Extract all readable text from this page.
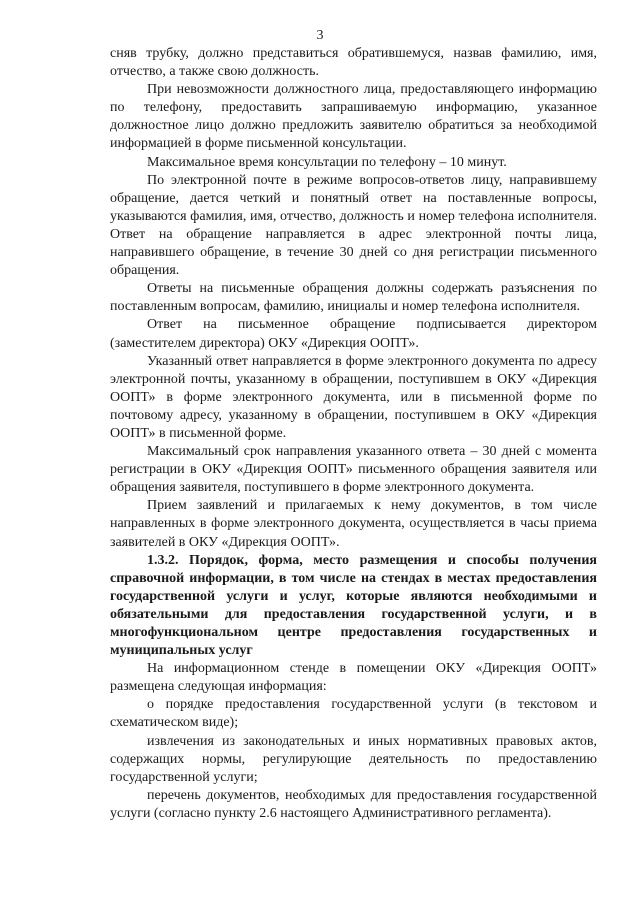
3

сняв трубку, должно представиться обратившемуся, назвав фамилию, имя, отчество, а также свою должность.

При невозможности должностного лица, предоставляющего информацию по телефону, предоставить запрашиваемую информацию, указанное должностное лицо должно предложить заявителю обратиться за необходимой информацией в форме письменной консультации.

Максимальное время консультации по телефону – 10 минут.

По электронной почте в режиме вопросов-ответов лицу, направившему обращение, дается четкий и понятный ответ на поставленные вопросы, указываются фамилия, имя, отчество, должность и номер телефона исполнителя. Ответ на обращение направляется в адрес электронной почты лица, направившего обращение, в течение 30 дней со дня регистрации письменного обращения.

Ответы на письменные обращения должны содержать разъяснения по поставленным вопросам, фамилию, инициалы и номер телефона исполнителя.

Ответ на письменное обращение подписывается директором (заместителем директора) ОКУ «Дирекция ООПТ».

Указанный ответ направляется в форме электронного документа по адресу электронной почты, указанному в обращении, поступившем в ОКУ «Дирекция ООПТ» в форме электронного документа, или в письменной форме по почтовому адресу, указанному в обращении, поступившем в ОКУ «Дирекция ООПТ» в письменной форме.

Максимальный срок направления указанного ответа – 30 дней с момента регистрации в ОКУ «Дирекция ООПТ» письменного обращения заявителя или обращения заявителя, поступившего в форме электронного документа.

Прием заявлений и прилагаемых к нему документов, в том числе направленных в форме электронного документа, осуществляется в часы приема заявителей в ОКУ «Дирекция ООПТ».

1.3.2. Порядок, форма, место размещения и способы получения справочной информации, в том числе на стендах в местах предоставления государственной услуги и услуг, которые являются необходимыми и обязательными для предоставления государственной услуги, и в многофункциональном центре предоставления государственных и муниципальных услуг

На информационном стенде в помещении ОКУ «Дирекция ООПТ» размещена следующая информация:

о порядке предоставления государственной услуги (в текстовом и схематическом виде);

извлечения из законодательных и иных нормативных правовых актов, содержащих нормы, регулирующие деятельность по предоставлению государственной услуги;

перечень документов, необходимых для предоставления государственной услуги (согласно пункту 2.6 настоящего Административного регламента).
